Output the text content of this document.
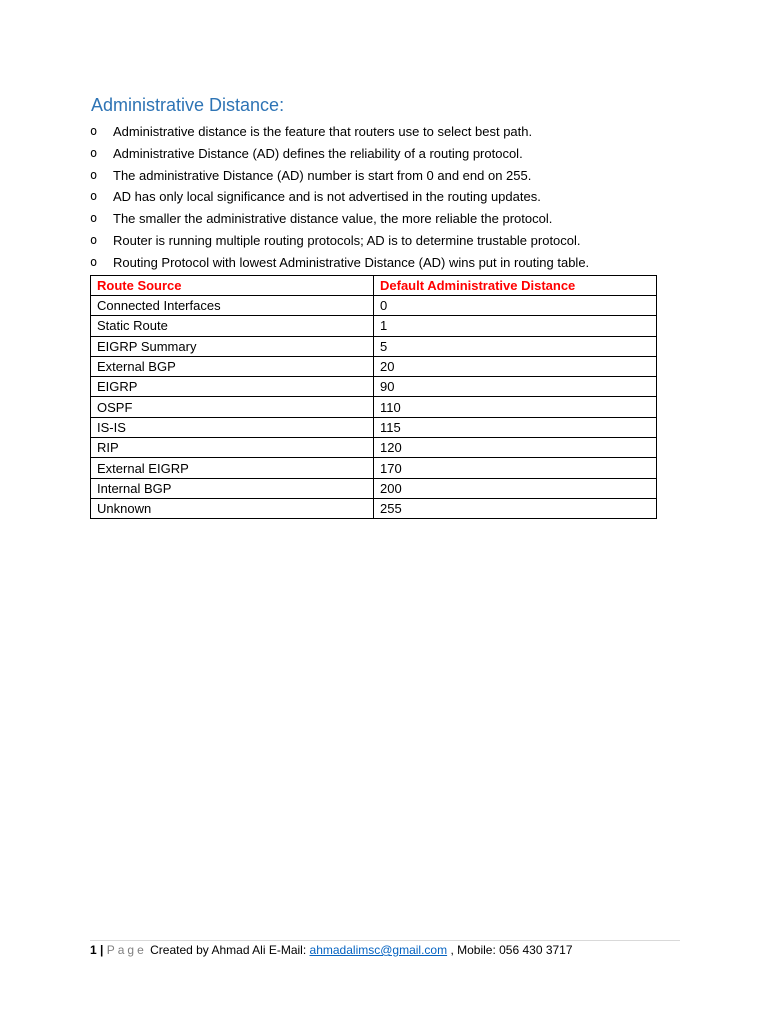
Administrative Distance:
o Administrative distance is the feature that routers use to select best path.
o Administrative Distance (AD) defines the reliability of a routing protocol.
o The administrative Distance (AD) number is start from 0 and end on 255.
o AD has only local significance and is not advertised in the routing updates.
o The smaller the administrative distance value, the more reliable the protocol.
o Router is running multiple routing protocols; AD is to determine trustable protocol.
o Routing Protocol with lowest Administrative Distance (AD) wins put in routing table.
Route Source	Default Administrative Distance
Connected Interfaces	0
Static Route	1
EIGRP Summary	5
External BGP	20
EIGRP	90
OSPF	110
IS-IS	115
RIP	120
External EIGRP	170
Internal BGP	200
Unknown	255
1 | Page Created by Ahmad Ali E-Mail: ahmadalimsc@gmail.com , Mobile: 056 430 3717
